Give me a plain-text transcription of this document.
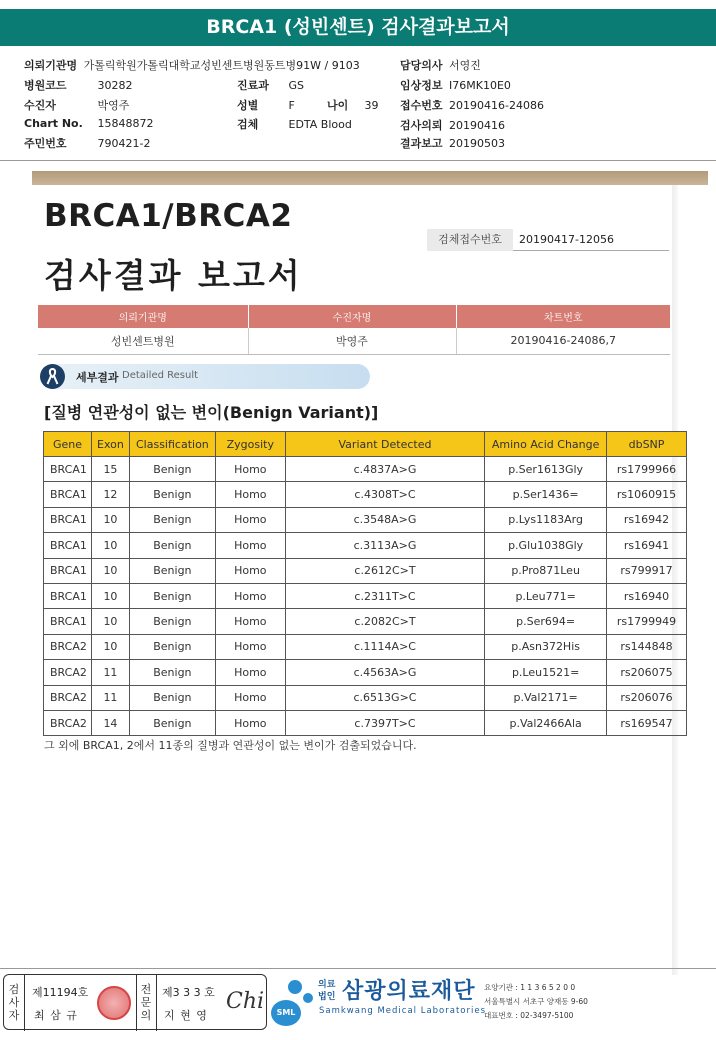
BRCA1 (성빈센트) 검사결과보고서
의뢰기관명 가톨릭학원가톨릭대학교성빈센트병원동트병91W / 9103	담당의사 서영진
병원코드	30282	진료과 GS	임상정보 I76MK10E0
수진자	박영주	성별	F	나이 39 접수번호 20190416-24086
Chart No. 15848872	검체	EDTA Blood	검사의뢰 20190416
주민번호	790421-2	결과보고 20190503
BRCA1/BRCA2
검사결과 보고서
검체접수번호	20190417-12056
의뢰기관명	수진자명	차트번호
성빈센트병원	박영주	20190416-24086,7
세부결과 Detailed Result
[질병 연관성이 없는 변이(Benign Variant)]
Gene	Exon	Classification	Zygosity	Variant Detected	Amino Acid Change	dbSNP
BRCA1	15	Benign	Homo	c.4837A>G	p.Ser1613Gly	rs1799966
BRCA1	12	Benign	Homo	c.4308T>C	p.Ser1436=	rs1060915
BRCA1	10	Benign	Homo	c.3548A>G	p.Lys1183Arg	rs16942
BRCA1	10	Benign	Homo	c.3113A>G	p.Glu1038Gly	rs16941
BRCA1	10	Benign	Homo	c.2612C>T	p.Pro871Leu	rs799917
BRCA1	10	Benign	Homo	c.2311T>C	p.Leu771=	rs16940
BRCA1	10	Benign	Homo	c.2082C>T	p.Ser694=	rs1799949
BRCA2	10	Benign	Homo	c.1114A>C	p.Asn372His	rs144848
BRCA2	11	Benign	Homo	c.4563A>G	p.Leu1521=	rs206075
BRCA2	11	Benign	Homo	c.6513G>C	p.Val2171=	rs206076
BRCA2	14	Benign	Homo	c.7397T>C	p.Val2466Ala	rs169547
그 외에 BRCA1, 2에서 11종의 질병과 연관성이 없는 변이가 검출되었습니다.
검
사
자
제11194호
최 삼 규
전
문
의
제3 3 3 호
지 현 영
Chi	SML
의료
법인 삼광의료재단
Samkwang Medical Laboratories
요양기관 : 1 1 3 6 5 2 0 0
서울특별시 서초구 양재동 9-60
대표번호 : 02-3497-5100
